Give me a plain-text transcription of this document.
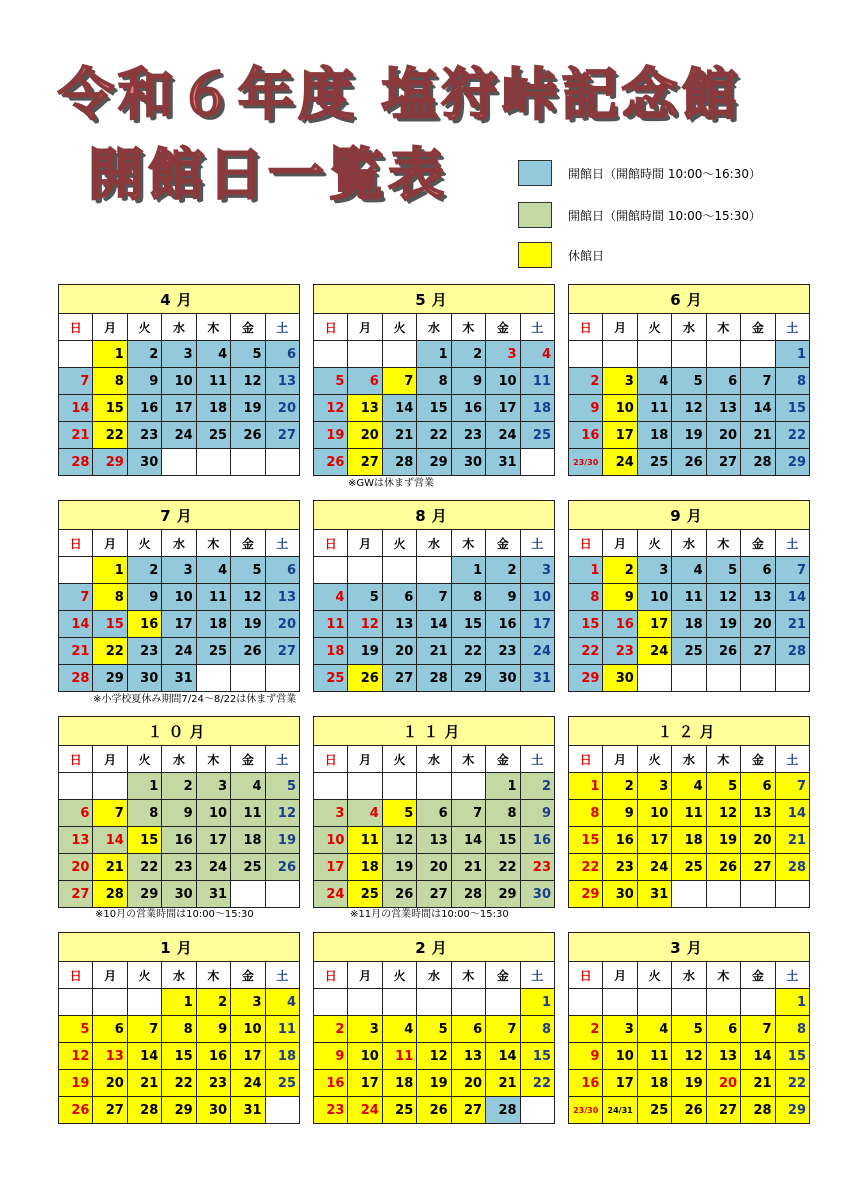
令和６年度 塩狩峠記念館
開館日一覧表	開館日（開館時間 10:00～16:30）
開館日（開館時間 10:00～15:30）
休館日
4月						
日	月	火	水	木	金	土
	1	2	3	4	5	6
7	8	9	10	11	12	13
14	15	16	17	18	19	20
21	22	23	24	25	26	27
28	29	30				
5月						
日	月	火	水	木	金	土
			1	2	3	4
5	6	7	8	9	10	11
12	13	14	15	16	17	18
19	20	21	22	23	24	25
26	27	28	29	30	31	
6月						
日	月	火	水	木	金	土
						1
2	3	4	5	6	7	8
9	10	11	12	13	14	15
16	17	18	19	20	21	22
23/30	24	25	26	27	28	29
7月						
日	月	火	水	木	金	土
	1	2	3	4	5	6
7	8	9	10	11	12	13
14	15	16	17	18	19	20
21	22	23	24	25	26	27
28	29	30	31			
8月						
日	月	火	水	木	金	土
				1	2	3
4	5	6	7	8	9	10
11	12	13	14	15	16	17
18	19	20	21	22	23	24
25	26	27	28	29	30	31
9月						
日	月	火	水	木	金	土
1	2	3	4	5	6	7
8	9	10	11	12	13	14
15	16	17	18	19	20	21
22	23	24	25	26	27	28
29	30					
１０月						
日	月	火	水	木	金	土
		1	2	3	4	5
6	7	8	9	10	11	12
13	14	15	16	17	18	19
20	21	22	23	24	25	26
27	28	29	30	31		
１１月						
日	月	火	水	木	金	土
					1	2
3	4	5	6	7	8	9
10	11	12	13	14	15	16
17	18	19	20	21	22	23
24	25	26	27	28	29	30
１２月						
日	月	火	水	木	金	土
1	2	3	4	5	6	7
8	9	10	11	12	13	14
15	16	17	18	19	20	21
22	23	24	25	26	27	28
29	30	31				
1月						
日	月	火	水	木	金	土
			1	2	3	4
5	6	7	8	9	10	11
12	13	14	15	16	17	18
19	20	21	22	23	24	25
26	27	28	29	30	31	
2月						
日	月	火	水	木	金	土
						1
2	3	4	5	6	7	8
9	10	11	12	13	14	15
16	17	18	19	20	21	22
23	24	25	26	27	28	
3月						
日	月	火	水	木	金	土
						1
2	3	4	5	6	7	8
9	10	11	12	13	14	15
16	17	18	19	20	21	22
23/30	24/31	25	26	27	28	29
※GWは休まず営業
※小学校夏休み期間7/24～8/22は休まず営業
※10月の営業時間は10:00～15:30	※11月の営業時間は10:00～15:30
